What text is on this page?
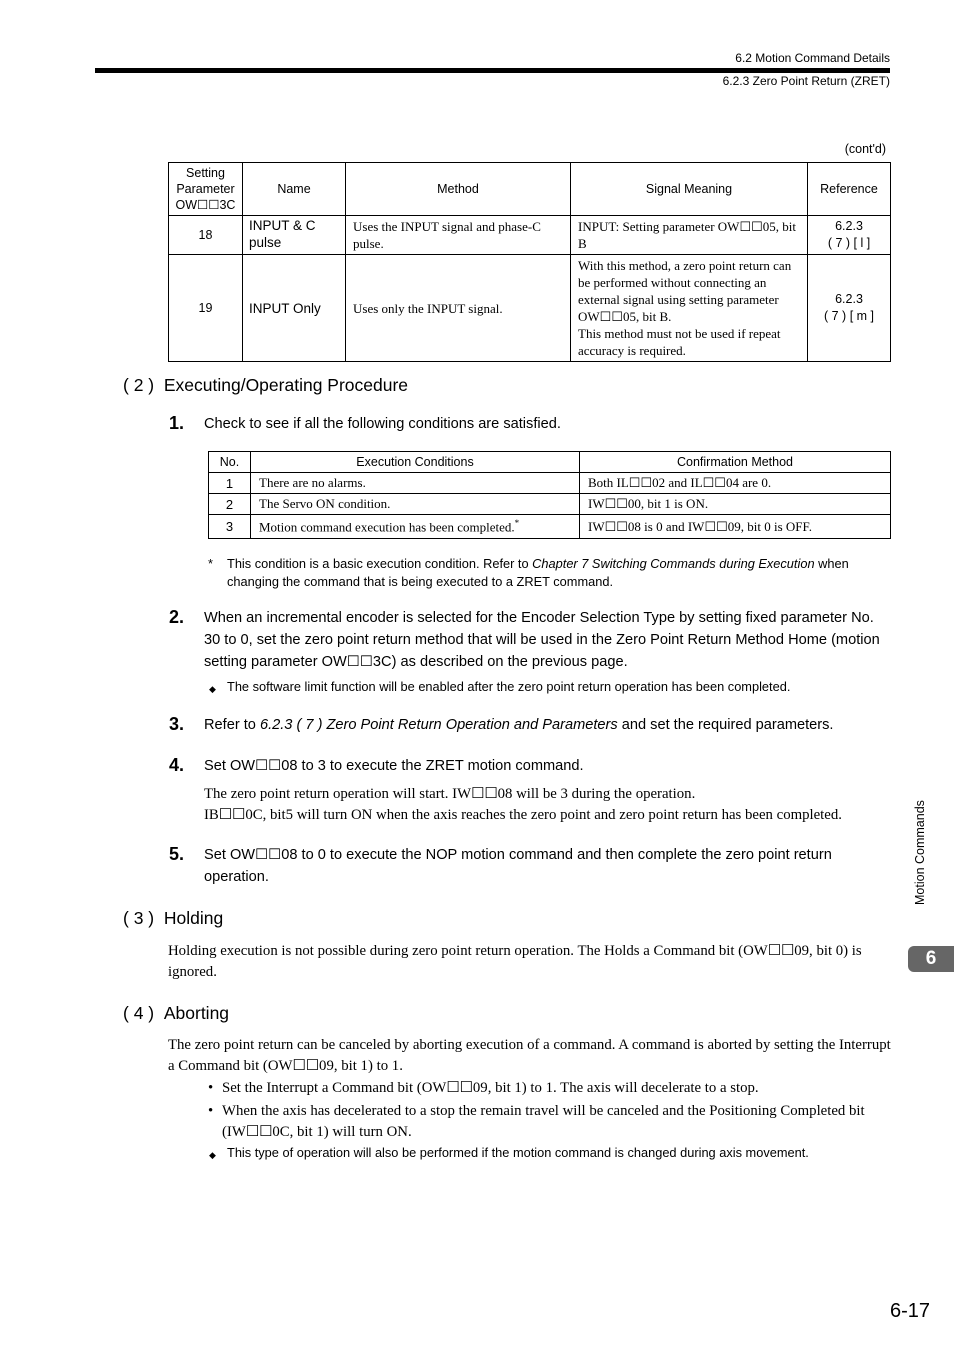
6.2 Motion Command Details
6.2.3 Zero Point Return (ZRET)
(cont'd)
Setting Parameter OW☐☐3C	Name	Method	Signal Meaning	Reference
18	INPUT & C pulse	Uses the INPUT signal and phase-C pulse.	INPUT: Setting parameter OW☐☐05, bit B	6.2.3
( 7 ) [ l ]
19	INPUT Only	Uses only the INPUT signal.	With this method, a zero point return can be performed without connecting an external signal using setting parameter OW☐☐05, bit B.
This method must not be used if repeat accuracy is required.	6.2.3
( 7 ) [ m ]
( 2 ) Executing/Operating Procedure
1. Check to see if all the following conditions are satisfied.
No.	Execution Conditions	Confirmation Method
1	There are no alarms.	Both IL☐☐02 and IL☐☐04 are 0.
2	The Servo ON condition.	IW☐☐00, bit 1 is ON.
3	Motion command execution has been completed.*	IW☐☐08 is 0 and IW☐☐09, bit 0 is OFF.
* This condition is a basic execution condition. Refer to Chapter 7 Switching Commands during Execution when changing the command that is being executed to a ZRET command.
2. When an incremental encoder is selected for the Encoder Selection Type by setting fixed parameter No. 30 to 0, set the zero point return method that will be used in the Zero Point Return Method Home (motion setting parameter OW☐☐3C) as described on the previous page.
◆ The software limit function will be enabled after the zero point return operation has been completed.
3. Refer to 6.2.3 ( 7 ) Zero Point Return Operation and Parameters and set the required parameters.
4. Set OW☐☐08 to 3 to execute the ZRET motion command.
The zero point return operation will start. IW☐☐08 will be 3 during the operation.
IB☐☐0C, bit5 will turn ON when the axis reaches the zero point and zero point return has been completed.
5. Set OW☐☐08 to 0 to execute the NOP motion command and then complete the zero point return operation.
( 3 ) Holding
Holding execution is not possible during zero point return operation. The Holds a Command bit (OW☐☐09, bit 0) is ignored.
( 4 ) Aborting
The zero point return can be canceled by aborting execution of a command. A command is aborted by setting the Interrupt a Command bit (OW☐☐09, bit 1) to 1.
• Set the Interrupt a Command bit (OW☐☐09, bit 1) to 1. The axis will decelerate to a stop.
• When the axis has decelerated to a stop the remain travel will be canceled and the Positioning Completed bit (IW☐☐0C, bit 1) will turn ON.
◆ This type of operation will also be performed if the motion command is changed during axis movement.
Motion Commands
6
6-17
